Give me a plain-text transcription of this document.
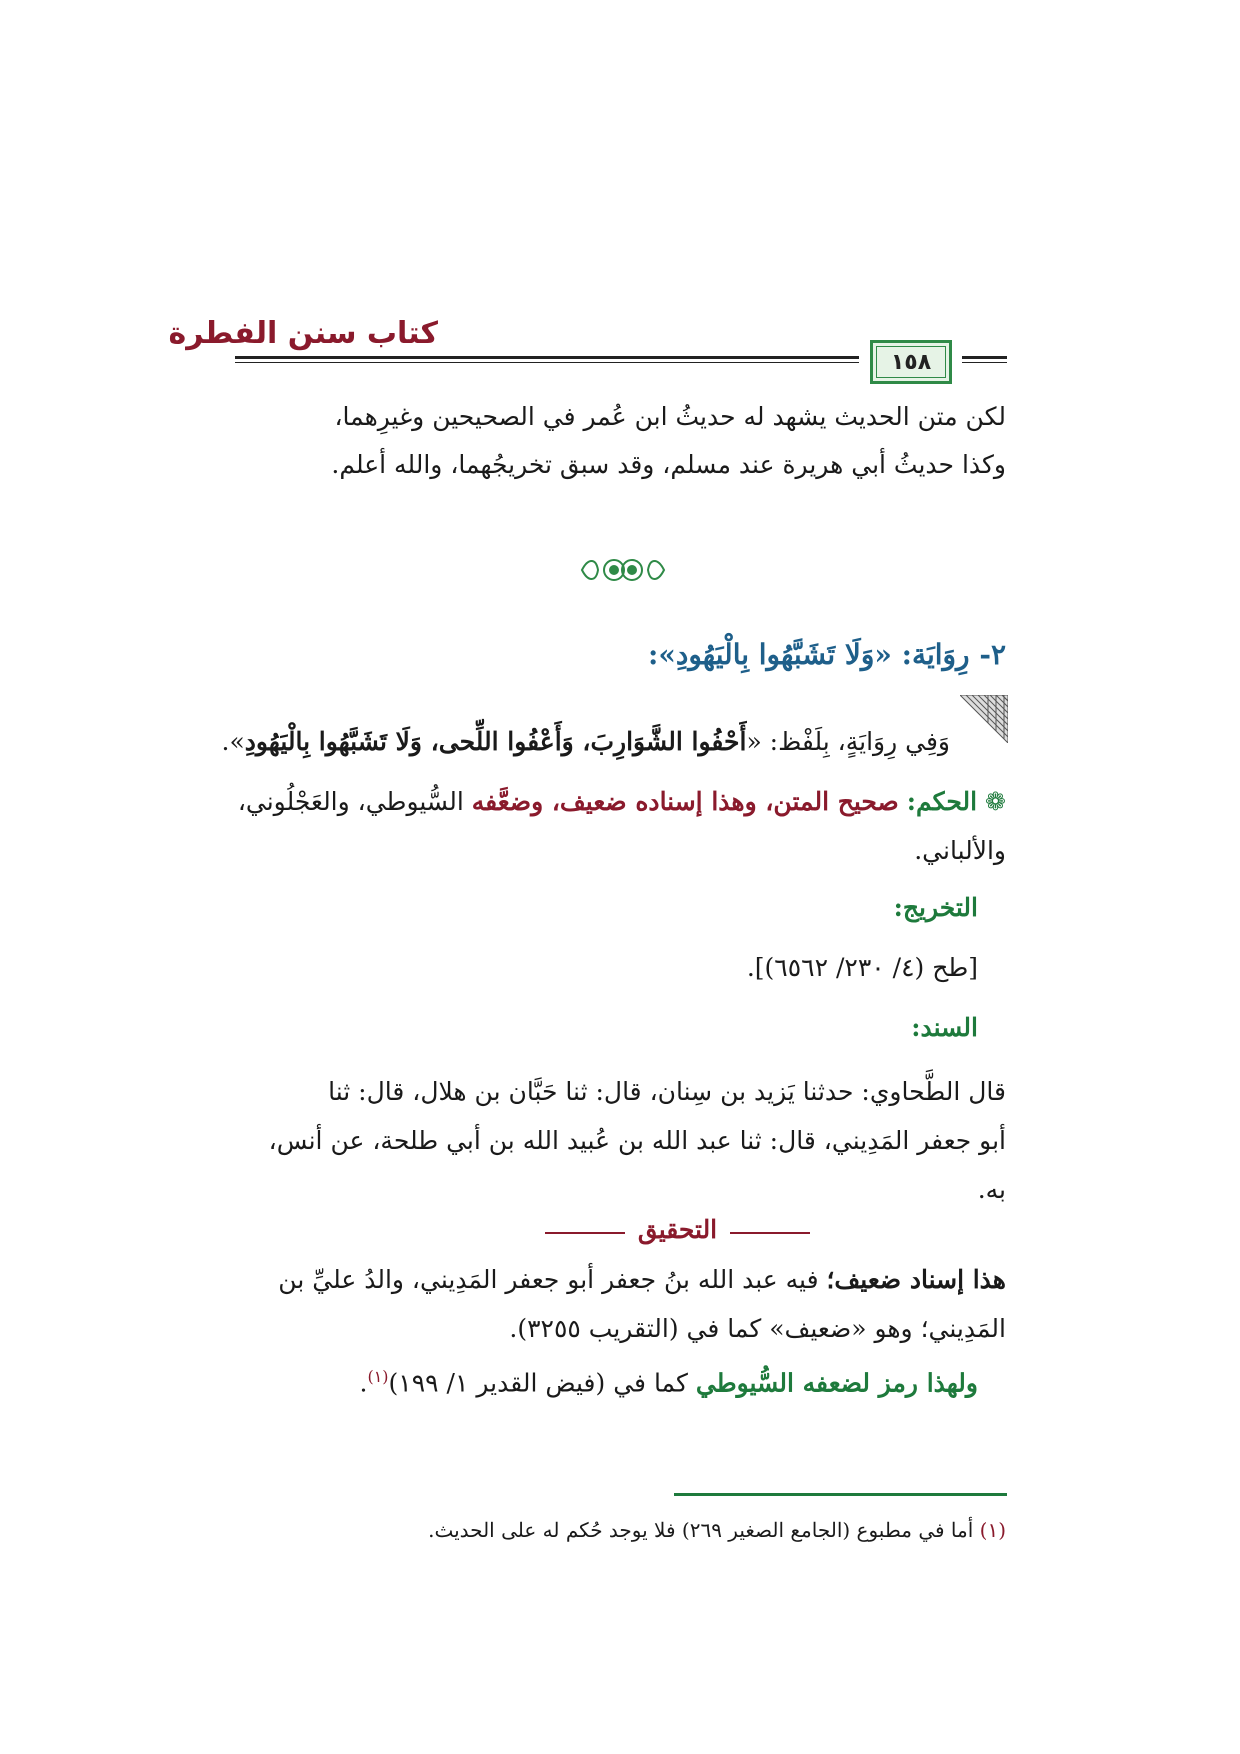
كتاب سنن الفطرة
١٥٨
لكن متن الحديث يشهد له حديثُ ابن عُمر في الصحيحين وغيرِهما،
وكذا حديثُ أبي هريرة عند مسلم، وقد سبق تخريجُهما، والله أعلم.
٢- رِوَايَة: «وَلَا تَشَبَّهُوا بِالْيَهُودِ»:
وَفِي رِوَايَةٍ، بِلَفْظ: «أَحْفُوا الشَّوَارِبَ، وَأَعْفُوا اللِّحى، وَلَا تَشَبَّهُوا بِالْيَهُودِ».
❁ الحكم: صحيح المتن، وهذا إسناده ضعيف، وضعَّفه السُّيوطي، والعَجْلُوني،
والألباني.
التخريج:
[طح (٤/ ٢٣٠/ ٦٥٦٢)].
السند:
قال الطَّحاوي: حدثنا يَزيد بن سِنان، قال: ثنا حَبَّان بن هلال، قال: ثنا
أبو جعفر المَدِيني، قال: ثنا عبد الله بن عُبيد الله بن أبي طلحة، عن أنس،
به.
التحقيق
هذا إسناد ضعيف؛ فيه عبد الله بنُ جعفر أبو جعفر المَدِيني، والدُ عليِّ بن
المَدِيني؛ وهو «ضعيف» كما في (التقريب ٣٢٥٥).
ولهذا رمز لضعفه السُّيوطي كما في (فيض القدير ١/ ١٩٩)$^{(١)}$.
(١) أما في مطبوع (الجامع الصغير ٢٦٩) فلا يوجد حُكم له على الحديث.
